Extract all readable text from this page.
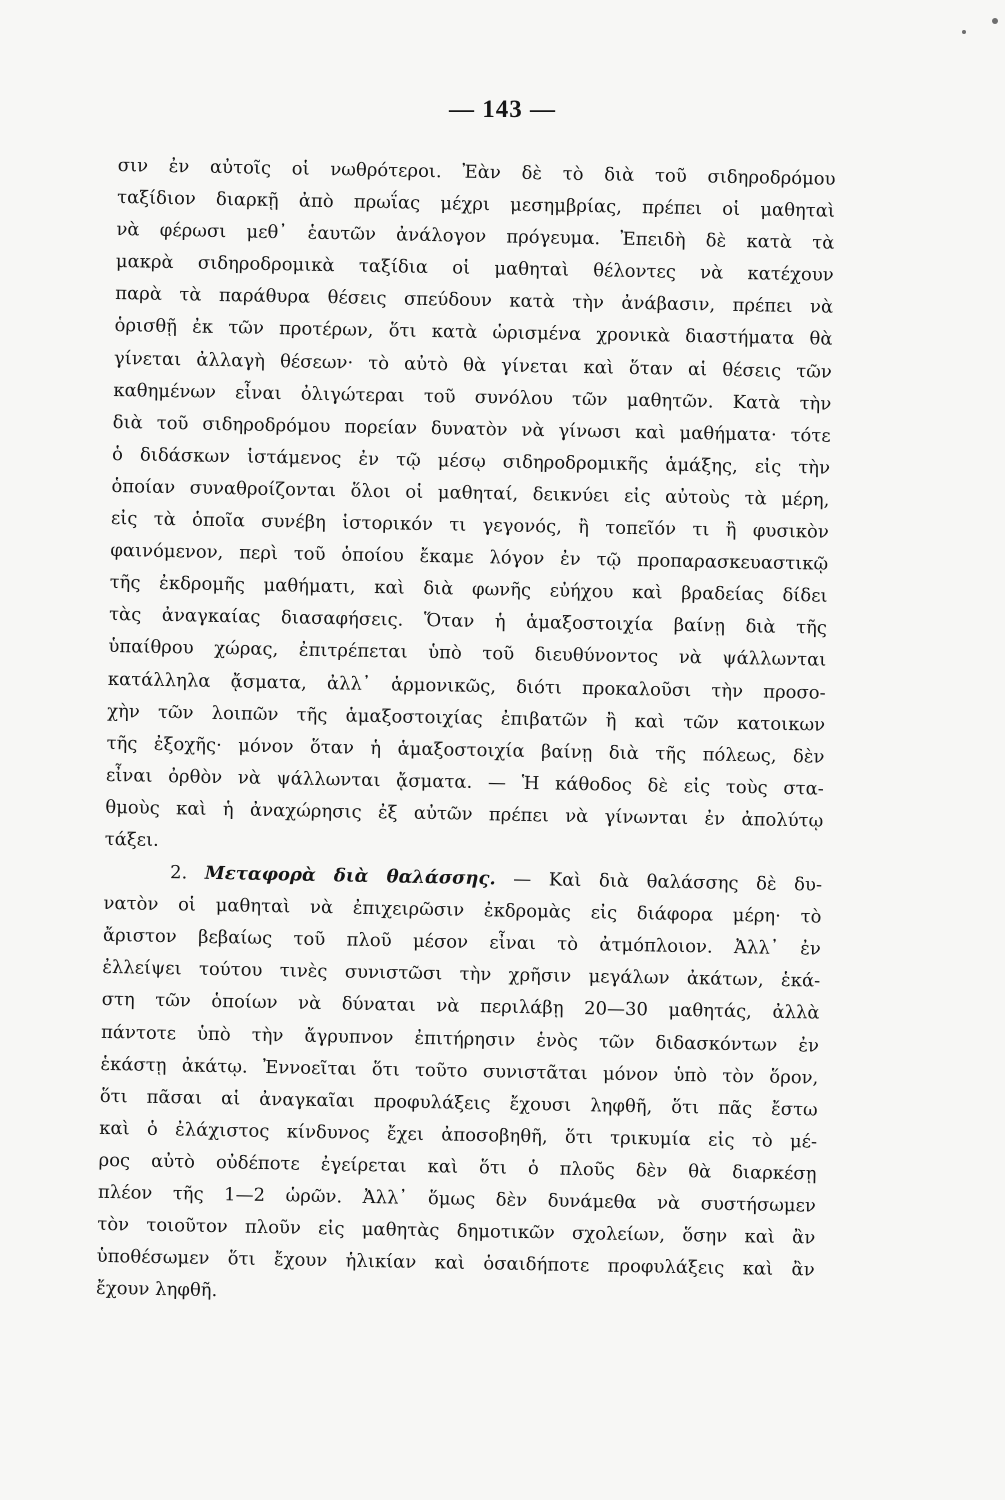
— 143 —
σιν ἐν αὐτοῖς οἱ νωθρότεροι. Ἐὰν δὲ τὸ διὰ τοῦ σιδηροδρόμου
ταξίδιον διαρκῇ ἀπὸ πρωΐας μέχρι μεσημβρίας, πρέπει οἱ μαθηταὶ
νὰ φέρωσι μεθ᾽ ἑαυτῶν ἀνάλογον πρόγευμα. Ἐπειδὴ δὲ κατὰ τὰ
μακρὰ σιδηροδρομικὰ ταξίδια οἱ μαθηταὶ θέλοντες νὰ κατέχουν
παρὰ τὰ παράθυρα θέσεις σπεύδουν κατὰ τὴν ἀνάβασιν, πρέπει νὰ
ὁρισθῇ ἐκ τῶν προτέρων, ὅτι κατὰ ὡρισμένα χρονικὰ διαστήματα θὰ
γίνεται ἀλλαγὴ θέσεων· τὸ αὐτὸ θὰ γίνεται καὶ ὅταν αἱ θέσεις τῶν
καθημένων εἶναι ὀλιγώτεραι τοῦ συνόλου τῶν μαθητῶν. Κατὰ τὴν
διὰ τοῦ σιδηροδρόμου πορείαν δυνατὸν νὰ γίνωσι καὶ μαθήματα· τότε
ὁ διδάσκων ἱστάμενος ἐν τῷ μέσῳ σιδηροδρομικῆς ἁμάξης, εἰς τὴν
ὁποίαν συναθροίζονται ὅλοι οἱ μαθηταί, δεικνύει εἰς αὐτοὺς τὰ μέρη,
εἰς τὰ ὁποῖα συνέβη ἱστορικόν τι γεγονός, ἢ τοπεῖόν τι ἢ φυσικὸν
φαινόμενον, περὶ τοῦ ὁποίου ἔκαμε λόγον ἐν τῷ προπαρασκευαστικῷ
τῆς ἐκδρομῆς μαθήματι, καὶ διὰ φωνῆς εὐήχου καὶ βραδείας δίδει
τὰς ἀναγκαίας διασαφήσεις. Ὅταν ἡ ἁμαξοστοιχία βαίνῃ διὰ τῆς
ὑπαίθρου χώρας, ἐπιτρέπεται ὑπὸ τοῦ διευθύνοντος νὰ ψάλλωνται
κατάλληλα ᾄσματα, ἀλλ᾽ ἁρμονικῶς, διότι προκαλοῦσι τὴν προσο-
χὴν τῶν λοιπῶν τῆς ἁμαξοστοιχίας ἐπιβατῶν ἢ καὶ τῶν κατοικων
τῆς ἐξοχῆς· μόνον ὅταν ἡ ἁμαξοστοιχία βαίνῃ διὰ τῆς πόλεως, δὲν
εἶναι ὀρθὸν νὰ ψάλλωνται ᾄσματα. — Ἡ κάθοδος δὲ εἰς τοὺς στα-
θμοὺς καὶ ἡ ἀναχώρησις ἐξ αὐτῶν πρέπει νὰ γίνωνται ἐν ἀπολύτῳ
τάξει.
2. Μεταφορὰ διὰ θαλάσσης. — Καὶ διὰ θαλάσσης δὲ δυ-
νατὸν οἱ μαθηταὶ νὰ ἐπιχειρῶσιν ἐκδρομὰς εἰς διάφορα μέρη· τὸ
ἄριστον βεβαίως τοῦ πλοῦ μέσον εἶναι τὸ ἀτμόπλοιον. Ἀλλ᾽ ἐν
ἐλλείψει τούτου τινὲς συνιστῶσι τὴν χρῆσιν μεγάλων ἀκάτων, ἑκά-
στη τῶν ὁποίων νὰ δύναται νὰ περιλάβῃ 20—30 μαθητάς, ἀλλὰ
πάντοτε ὑπὸ τὴν ἄγρυπνον ἐπιτήρησιν ἑνὸς τῶν διδασκόντων ἐν
ἑκάστῃ ἀκάτῳ. Ἐννοεῖται ὅτι τοῦτο συνιστᾶται μόνον ὑπὸ τὸν ὅρον,
ὅτι πᾶσαι αἱ ἀναγκαῖαι προφυλάξεις ἔχουσι ληφθῆ, ὅτι πᾶς ἔστω
καὶ ὁ ἐλάχιστος κίνδυνος ἔχει ἀποσοβηθῆ, ὅτι τρικυμία εἰς τὸ μέ-
ρος αὐτὸ οὐδέποτε ἐγείρεται καὶ ὅτι ὁ πλοῦς δὲν θὰ διαρκέσῃ
πλέον τῆς 1—2 ὡρῶν. Ἀλλ᾽ ὅμως δὲν δυνάμεθα νὰ συστήσωμεν
τὸν τοιοῦτον πλοῦν εἰς μαθητὰς δημοτικῶν σχολείων, ὅσην καὶ ἂν
ὑποθέσωμεν ὅτι ἔχουν ἡλικίαν καὶ ὁσαιδήποτε προφυλάξεις καὶ ἂν
ἔχουν ληφθῆ.
